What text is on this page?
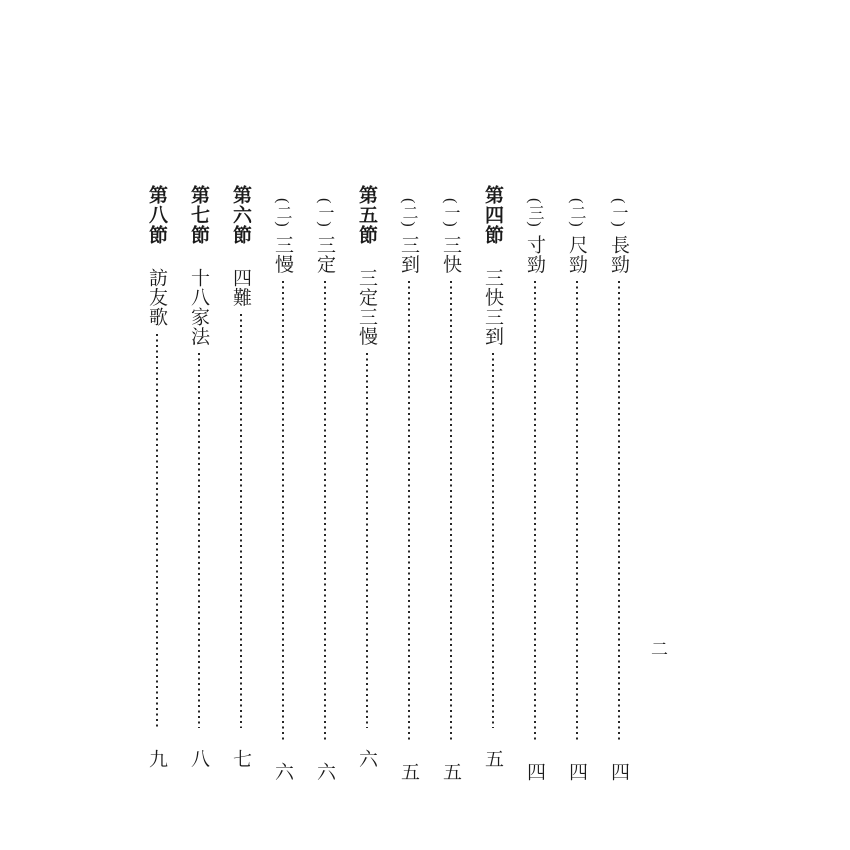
(一)
長勁
四
(二)
尺勁
四
(三)
寸勁
四
第四節
三快三到
五
(一)
三快
五
(二)
三到
五
第五節
三定三慢
六
(一)
三定
六
(二)
三慢
六
第六節
四難
七
第七節
十八家法
八
第八節
訪友歌
九
二
